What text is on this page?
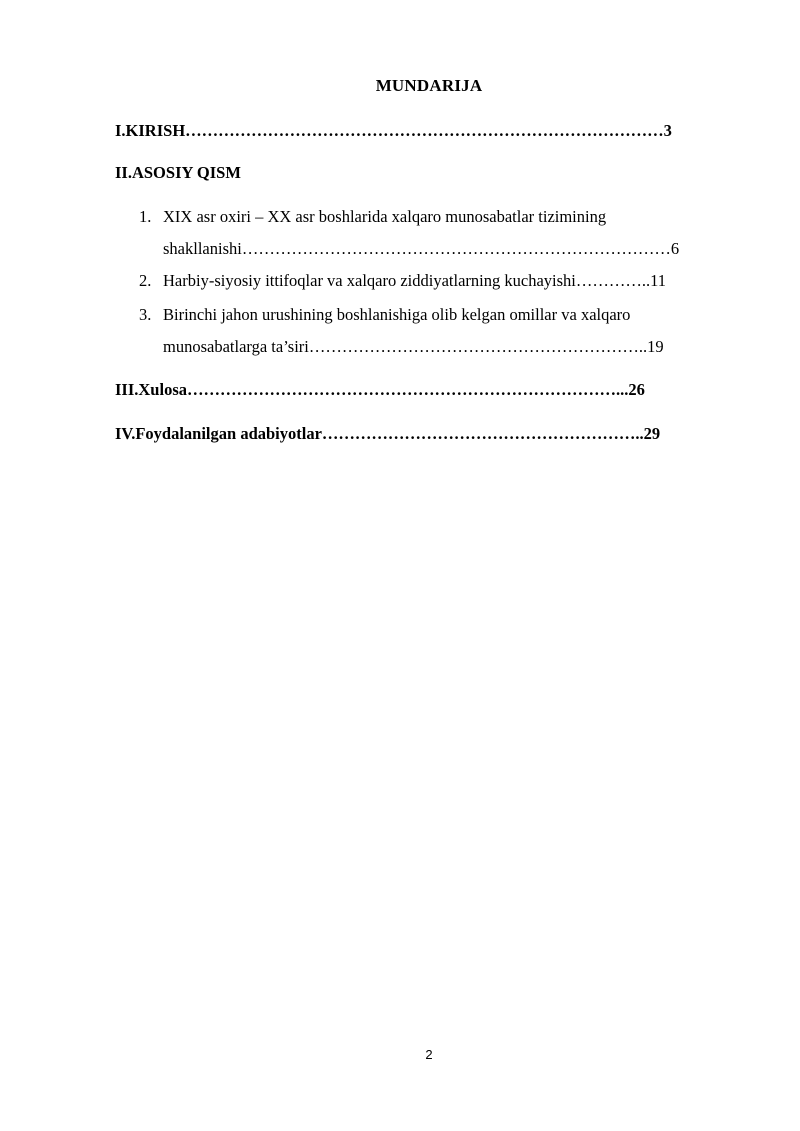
MUNDARIJA
I.KIRISH……………………………………………………………………………3
II.ASOSIY QISM
1. XIX asr oxiri – XX asr boshlarida xalqaro munosabatlar tizimining
shakllanishi……………………………………………………………………6
2. Harbiy-siyosiy ittifoqlar va xalqaro ziddiyatlarning kuchayishi…………..11
3. Birinchi jahon urushining boshlanishiga olib kelgan omillar va xalqaro
munosabatlarga ta’siri……………………………………………………..19
III.Xulosa……………………………………………………………………...26
IV.Foydalanilgan adabiyotlar…………………………………………………..29
2
